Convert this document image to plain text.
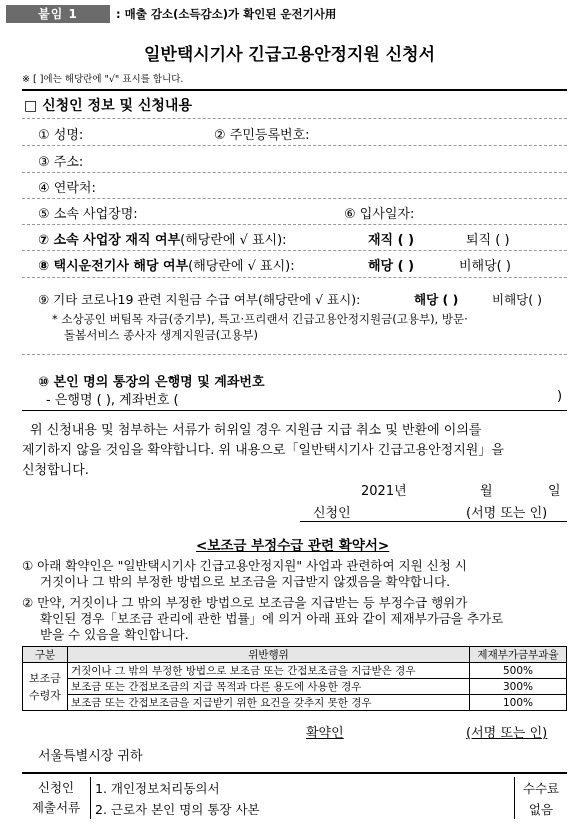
붙임 1	: 매출 감소(소득감소)가 확인된 운전기사用
일반택시기사 긴급고용안정지원 신청서
※ [ ]에는 해당란에 "√" 표시를 합니다.
□ 신청인 정보 및 신청내용
① 성명:	② 주민등록번호:
③ 주소:
④ 연락처:
⑤ 소속 사업장명:	⑥ 입사일자:
⑦ 소속 사업장 재직 여부(해당란에 √ 표시):	재직 ( )	퇴직 ( )
⑧ 택시운전기사 해당 여부(해당란에 √ 표시):	해당 ( )	비해당( )
⑨ 기타 코로나19 관련 지원금 수급 여부(해당란에 √ 표시):	해당 ( )	비해당( )
* 소상공인 버팀목 자금(중기부), 특고·프리랜서 긴급고용안정지원금(고용부), 방문·
돌봄서비스 종사자 생계지원금(고용부)
⑩ 본인 명의 통장의 은행명 및 계좌번호
- 은행명 ( ), 계좌번호 (	)
위 신청내용 및 첨부하는 서류가 허위일 경우 지원금 지급 취소 및 반환에 이의를
제기하지 않을 것임을 확약합니다. 위 내용으로「일반택시기사 긴급고용안정지원」을
신청합니다.
2021년	월	일
신청인	(서명 또는 인)
<보조금 부정수급 관련 확약서>
① 아래 확약인은 "일반택시기사 긴급고용안정지원" 사업과 관련하여 지원 신청 시
거짓이나 그 밖의 부정한 방법으로 보조금을 지급받지 않겠음을 확약합니다.
② 만약, 거짓이나 그 밖의 부정한 방법으로 보조금을 지급받는 등 부정수급 행위가
확인된 경우「보조금 관리에 관한 법률」에 의거 아래 표와 같이 제재부가금을 추가로
받을 수 있음을 확인합니다.
구분	위반행위	제재부가금부과율

보조금
수령자	거짓이나 그 밖의 부정한 방법으로 보조금 또는 간접보조금을 지급받은 경우	500%
	보조금 또는 간접보조금의 지급 목적과 다른 용도에 사용한 경우	300%
	보조금 또는 간접보조금을 지급받기 위한 요건을 갖추지 못한 경우	100%
확약인	(서명 또는 인)
서울특별시장 귀하
신청인
제출서류	1. 개인정보처리동의서	수수료
	2. 근로자 본인 명의 통장 사본	없음
